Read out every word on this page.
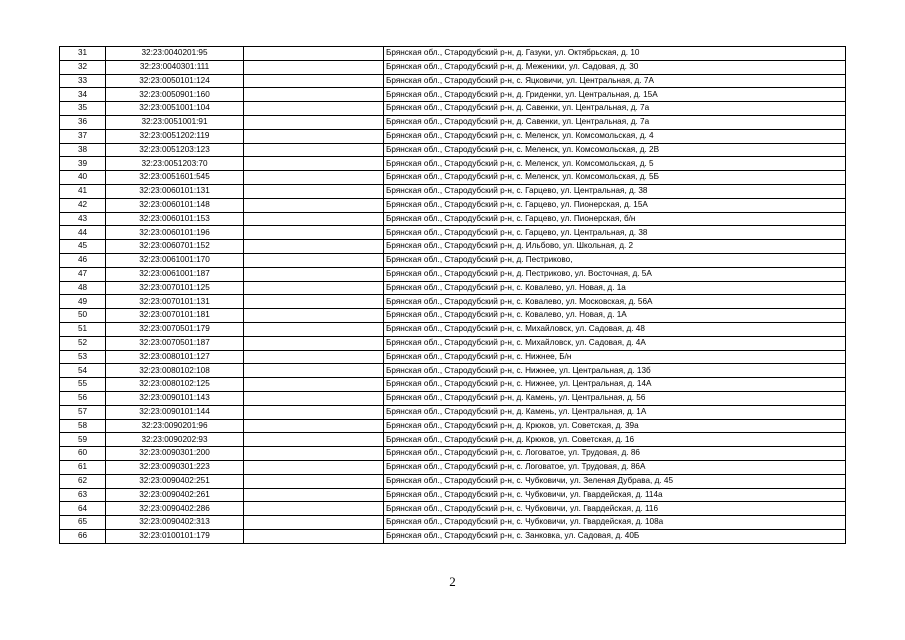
31	32:23:0040201:95		Брянская обл., Стародубский р-н, д. Газуки, ул. Октябрьская, д. 10
32	32:23:0040301:111		Брянская обл., Стародубский р-н, д. Меженики, ул. Садовая, д. 30
33	32:23:0050101:124		Брянская обл., Стародубский р-н, с. Яцковичи, ул. Центральная, д. 7А
34	32:23:0050901:160		Брянская обл., Стародубский р-н, д. Гриденки, ул. Центральная, д. 15А
35	32:23:0051001:104		Брянская обл., Стародубский р-н, д. Савенки, ул. Центральная, д. 7а
36	32:23:0051001:91		Брянская обл., Стародубский р-н, д. Савенки, ул. Центральная, д. 7а
37	32:23:0051202:119		Брянская обл., Стародубский р-н, с. Меленск, ул. Комсомольская, д. 4
38	32:23:0051203:123		Брянская обл., Стародубский р-н, с. Меленск, ул. Комсомольская, д. 2В
39	32:23:0051203:70		Брянская обл., Стародубский р-н, с. Меленск, ул. Комсомольская, д. 5
40	32:23:0051601:545		Брянская обл., Стародубский р-н, с. Меленск, ул. Комсомольская, д. 5Б
41	32:23:0060101:131		Брянская обл., Стародубский р-н, с. Гарцево, ул. Центральная, д. 38
42	32:23:0060101:148		Брянская обл., Стародубский р-н, с. Гарцево, ул. Пионерская, д. 15А
43	32:23:0060101:153		Брянская обл., Стародубский р-н, с. Гарцево, ул. Пионерская, б/н
44	32:23:0060101:196		Брянская обл., Стародубский р-н, с. Гарцево, ул. Центральная, д. 38
45	32:23:0060701:152		Брянская обл., Стародубский р-н, д. Ильбово, ул. Школьная, д. 2
46	32:23:0061001:170		Брянская обл., Стародубский р-н, д. Пестриково,
47	32:23:0061001:187		Брянская обл., Стародубский р-н, д. Пестриково, ул. Восточная, д. 5А
48	32:23:0070101:125		Брянская обл., Стародубский р-н, с. Ковалево, ул. Новая, д. 1а
49	32:23:0070101:131		Брянская обл., Стародубский р-н, с. Ковалево, ул. Московская, д. 56А
50	32:23:0070101:181		Брянская обл., Стародубский р-н, с. Ковалево, ул. Новая, д. 1А
51	32:23:0070501:179		Брянская обл., Стародубский р-н, с. Михайловск, ул. Садовая, д. 48
52	32:23:0070501:187		Брянская обл., Стародубский р-н, с. Михайловск, ул. Садовая, д. 4А
53	32:23:0080101:127		Брянская обл., Стародубский р-н, с. Нижнее, Б/н
54	32:23:0080102:108		Брянская обл., Стародубский р-н, с. Нижнее, ул. Центральная, д. 13б
55	32:23:0080102:125		Брянская обл., Стародубский р-н, с. Нижнее, ул. Центральная, д. 14А
56	32:23:0090101:143		Брянская обл., Стародубский р-н, д. Камень, ул. Центральная, д. 56
57	32:23:0090101:144		Брянская обл., Стародубский р-н, д. Камень, ул. Центральная, д. 1А
58	32:23:0090201:96		Брянская обл., Стародубский р-н, д. Крюков, ул. Советская, д. 39а
59	32:23:0090202:93		Брянская обл., Стародубский р-н, д. Крюков, ул. Советская, д. 16
60	32:23:0090301:200		Брянская обл., Стародубский р-н, с. Логоватое, ул. Трудовая, д. 86
61	32:23:0090301:223		Брянская обл., Стародубский р-н, с. Логоватое, ул. Трудовая, д. 86А
62	32:23:0090402:251		Брянская обл., Стародубский р-н, с. Чубковичи, ул. Зеленая Дубрава, д. 45
63	32:23:0090402:261		Брянская обл., Стародубский р-н, с. Чубковичи, ул. Гвардейская, д. 114а
64	32:23:0090402:286		Брянская обл., Стародубский р-н, с. Чубковичи, ул. Гвардейская, д. 116
65	32:23:0090402:313		Брянская обл., Стародубский р-н, с. Чубковичи, ул. Гвардейская, д. 108а
66	32:23:0100101:179		Брянская обл., Стародубский р-н, с. Занковка, ул. Садовая, д. 40Б
2
